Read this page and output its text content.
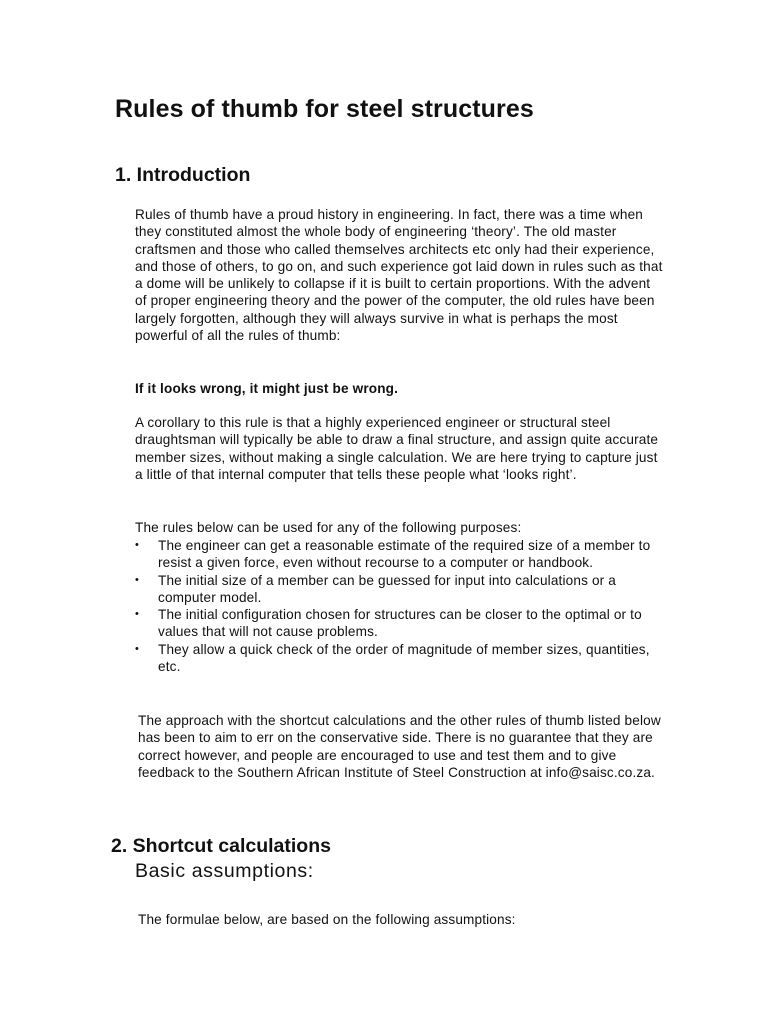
Rules of thumb for steel structures
1. Introduction

Rules of thumb have a proud history in engineering. In fact, there was a time when they constituted almost the whole body of engineering ‘theory’. The old master craftsmen and those who called themselves architects etc only had their experience, and those of others, to go on, and such experience got laid down in rules such as that a dome will be unlikely to collapse if it is built to certain proportions. With the advent of proper engineering theory and the power of the computer, the old rules have been largely forgotten, although they will always survive in what is perhaps the most powerful of all the rules of thumb:

If it looks wrong, it might just be wrong.

A corollary to this rule is that a highly experienced engineer or structural steel draughtsman will typically be able to draw a final structure, and assign quite accurate member sizes, without making a single calculation. We are here trying to capture just a little of that internal computer that tells these people what ‘looks right’.

The rules below can be used for any of the following purposes:

• The engineer can get a reasonable estimate of the required size of a member to resist a given force, even without recourse to a computer or handbook.
• The initial size of a member can be guessed for input into calculations or a computer model.
• The initial configuration chosen for structures can be closer to the optimal or to values that will not cause problems.
• They allow a quick check of the order of magnitude of member sizes, quantities, etc.

The approach with the shortcut calculations and the other rules of thumb listed below has been to aim to err on the conservative side. There is no guarantee that they are correct however, and people are encouraged to use and test them and to give feedback to the Southern African Institute of Steel Construction at info@saisc.co.za.

2. Shortcut calculations
Basic assumptions:

The formulae below, are based on the following assumptions:
